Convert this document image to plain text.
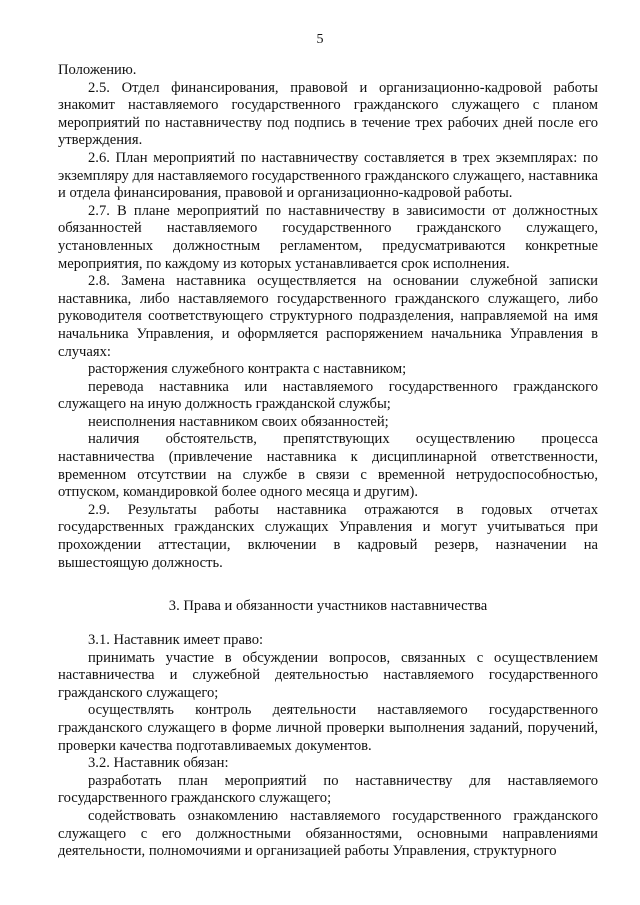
5

Положению.

2.5. Отдел финансирования, правовой и организационно-кадровой работы знакомит наставляемого государственного гражданского служащего с планом мероприятий по наставничеству под подпись в течение трех рабочих дней после его утверждения.

2.6. План мероприятий по наставничеству составляется в трех экземплярах: по экземпляру для наставляемого государственного гражданского служащего, наставника и отдела финансирования, правовой и организационно-кадровой работы.

2.7. В плане мероприятий по наставничеству в зависимости от должностных обязанностей наставляемого государственного гражданского служащего, установленных должностным регламентом, предусматриваются конкретные мероприятия, по каждому из которых устанавливается срок исполнения.

2.8. Замена наставника осуществляется на основании служебной записки наставника, либо наставляемого государственного гражданского служащего, либо руководителя соответствующего структурного подразделения, направляемой на имя начальника Управления, и оформляется распоряжением начальника Управления в случаях:

расторжения служебного контракта с наставником;

перевода наставника или наставляемого государственного гражданского служащего на иную должность гражданской службы;

неисполнения наставником своих обязанностей;

наличия обстоятельств, препятствующих осуществлению процесса наставничества (привлечение наставника к дисциплинарной ответственности, временном отсутствии на службе в связи с временной нетрудоспособностью, отпуском, командировкой более одного месяца и другим).

2.9. Результаты работы наставника отражаются в годовых отчетах государственных гражданских служащих Управления и могут учитываться при прохождении аттестации, включении в кадровый резерв, назначении на вышестоящую должность.

3. Права и обязанности участников наставничества

3.1. Наставник имеет право:

принимать участие в обсуждении вопросов, связанных с осуществлением наставничества и служебной деятельностью наставляемого государственного гражданского служащего;

осуществлять контроль деятельности наставляемого государственного гражданского служащего в форме личной проверки выполнения заданий, поручений, проверки качества подготавливаемых документов.

3.2. Наставник обязан:

разработать план мероприятий по наставничеству для наставляемого государственного гражданского служащего;

содействовать ознакомлению наставляемого государственного гражданского служащего с его должностными обязанностями, основными направлениями деятельности, полномочиями и организацией работы Управления, структурного
